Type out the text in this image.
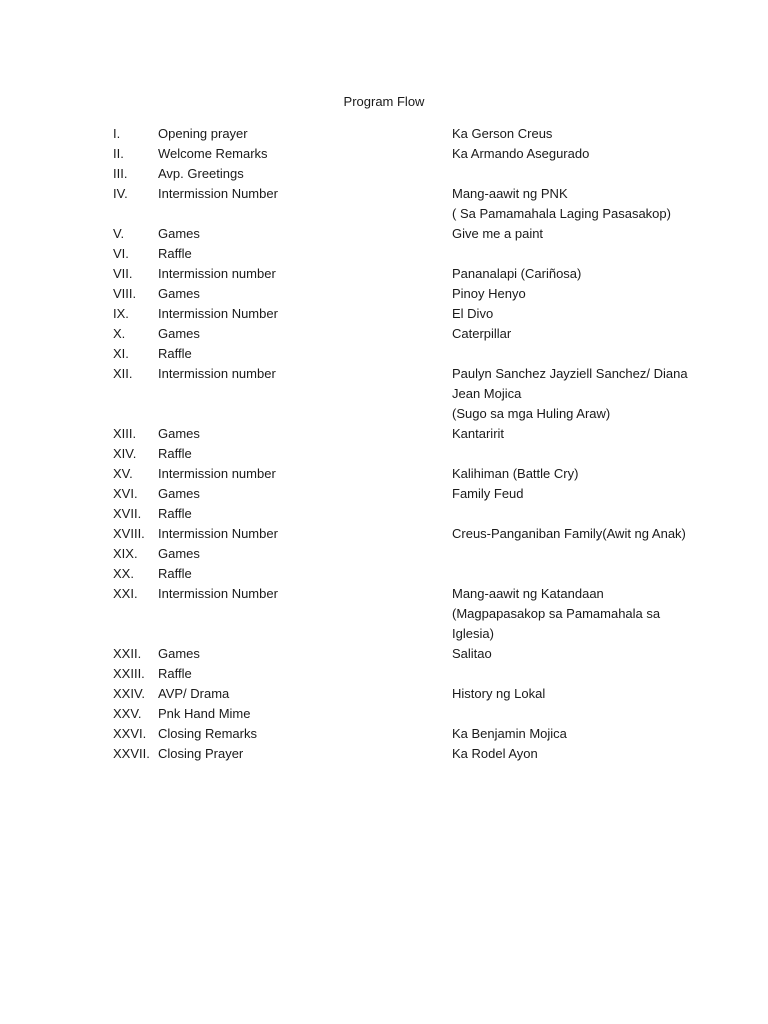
Program Flow
I.	Opening prayer	Ka Gerson Creus
II.	Welcome Remarks	Ka Armando Asegurado
III.	Avp. Greetings
IV.	Intermission Number	Mang-aawit ng PNK
( Sa Pamamahala Laging Pasasakop)
V.	Games	Give me a paint
VI.	Raffle
VII.	Intermission number	Pananalapi (Cariñosa)
VIII.	Games	Pinoy Henyo
IX.	Intermission Number	El Divo
X.	Games	Caterpillar
XI.	Raffle
XII.	Intermission number	Paulyn Sanchez Jayziell Sanchez/ Diana
Jean Mojica
(Sugo sa mga Huling Araw)
XIII.	Games	Kantaririt
XIV.	Raffle
XV.	Intermission number	Kalihiman (Battle Cry)
XVI.	Games	Family Feud
XVII.	Raffle
XVIII.	Intermission Number	Creus-Panganiban Family(Awit ng Anak)
XIX.	Games
XX.	Raffle
XXI.	Intermission Number	Mang-aawit ng Katandaan
(Magpapasakop sa Pamamahala sa
Iglesia)
XXII.	Games	Salitao
XXIII.	Raffle
XXIV. AVP/ Drama	History ng Lokal
XXV.	Pnk Hand Mime
XXVI. Closing Remarks	Ka Benjamin Mojica
XXVII. Closing Prayer	Ka Rodel Ayon
